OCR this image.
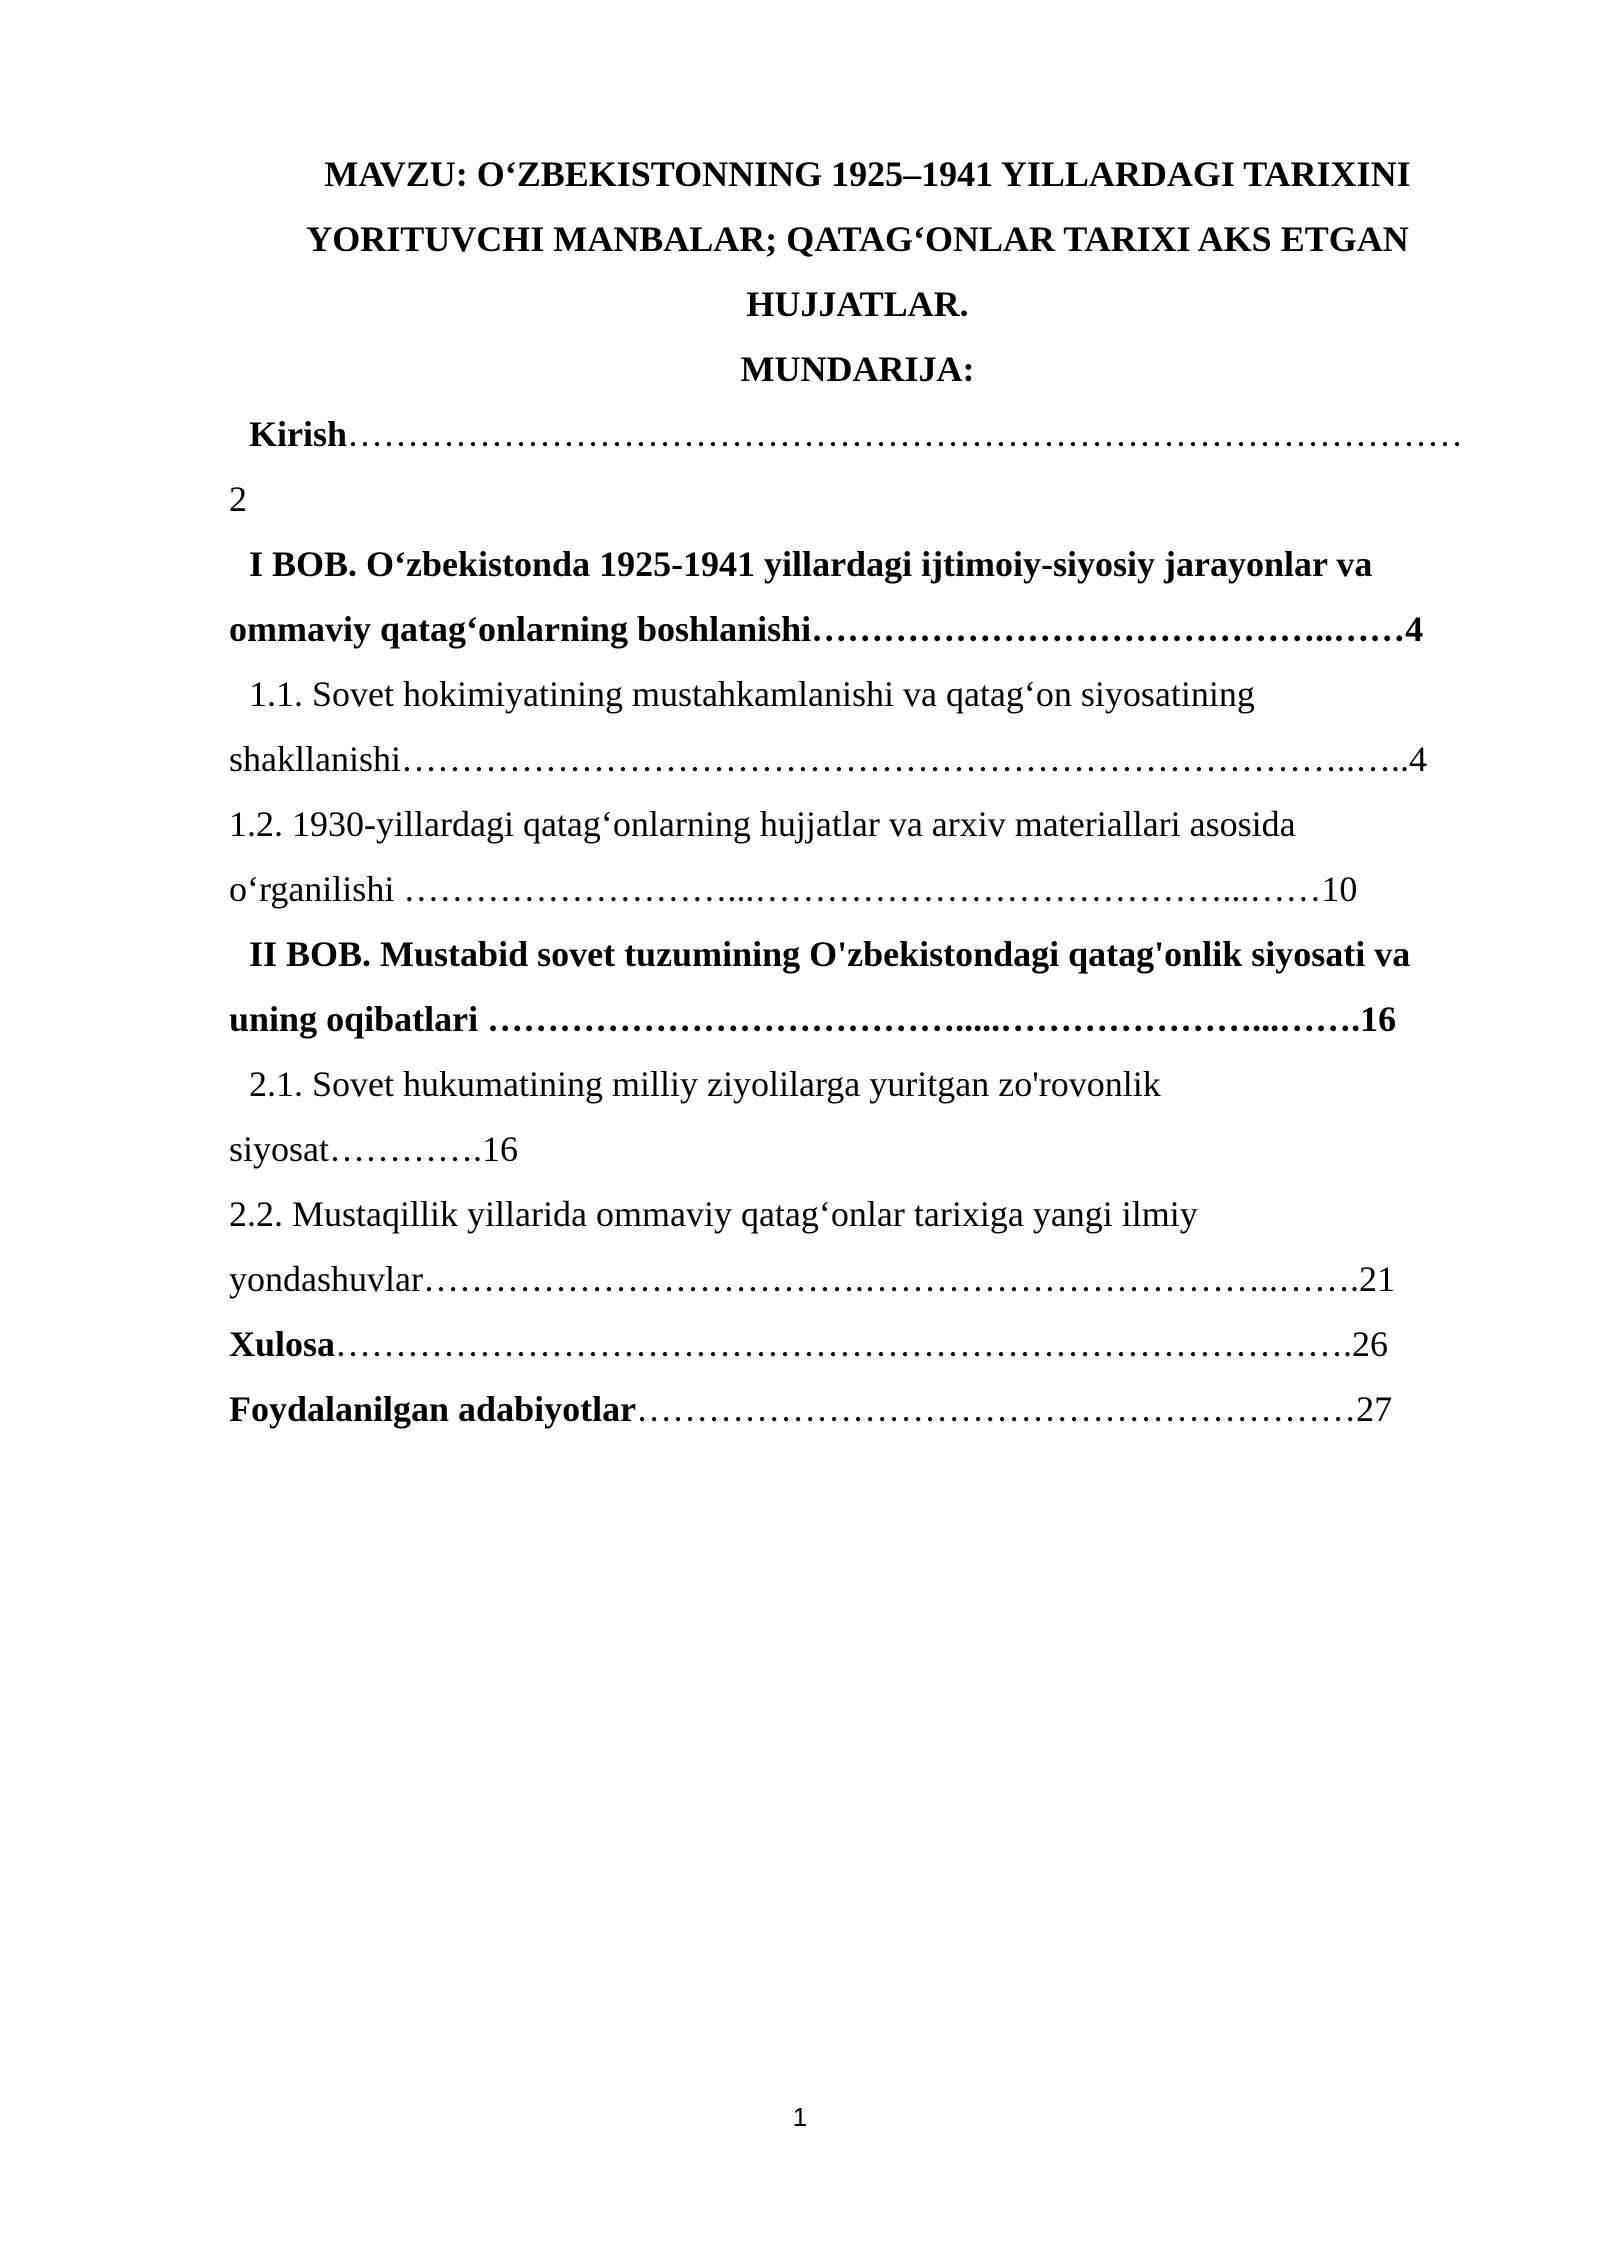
MAVZU: O‘ZBEKISTONNING 1925–1941 YILLARDAGI TARIXINI
YORITUVCHI MANBALAR; QATAG‘ONLAR TARIXI AKS ETGAN
HUJJATLAR.
MUNDARIJA:
Kirish…………………………………………………………………………………
2
I BOB. O‘zbekistonda 1925-1941 yillardagi ijtimoiy-siyosiy jarayonlar va
ommaviy qatag‘onlarning boshlanishi……………………………………..……4
1.1. Sovet hokimiyatining mustahkamlanishi va qatag‘on siyosatining
shakllanishi……………………………………………………………………..…..4
1.2. 1930-yillardagi qatag‘onlarning hujjatlar va arxiv materiallari asosida
o‘rganilishi ………………………...…………………………………...……10
II BOB. Mustabid sovet tuzumining O'zbekistondagi qatag'onlik siyosati va
uning oqibatlari ………………………………….....…………………...…….16
2.1. Sovet hukumatining milliy ziyolilarga yuritgan zo'rovonlik
siyosat………….16
2.2. Mustaqillik yillarida ommaviy qatag‘onlar tarixiga yangi ilmiy
yondashuvlar……………………………….……………………………..…….21
Xulosa………………………………………………………………………….26
Foydalanilgan adabiyotlar……………………………………………………27
1
